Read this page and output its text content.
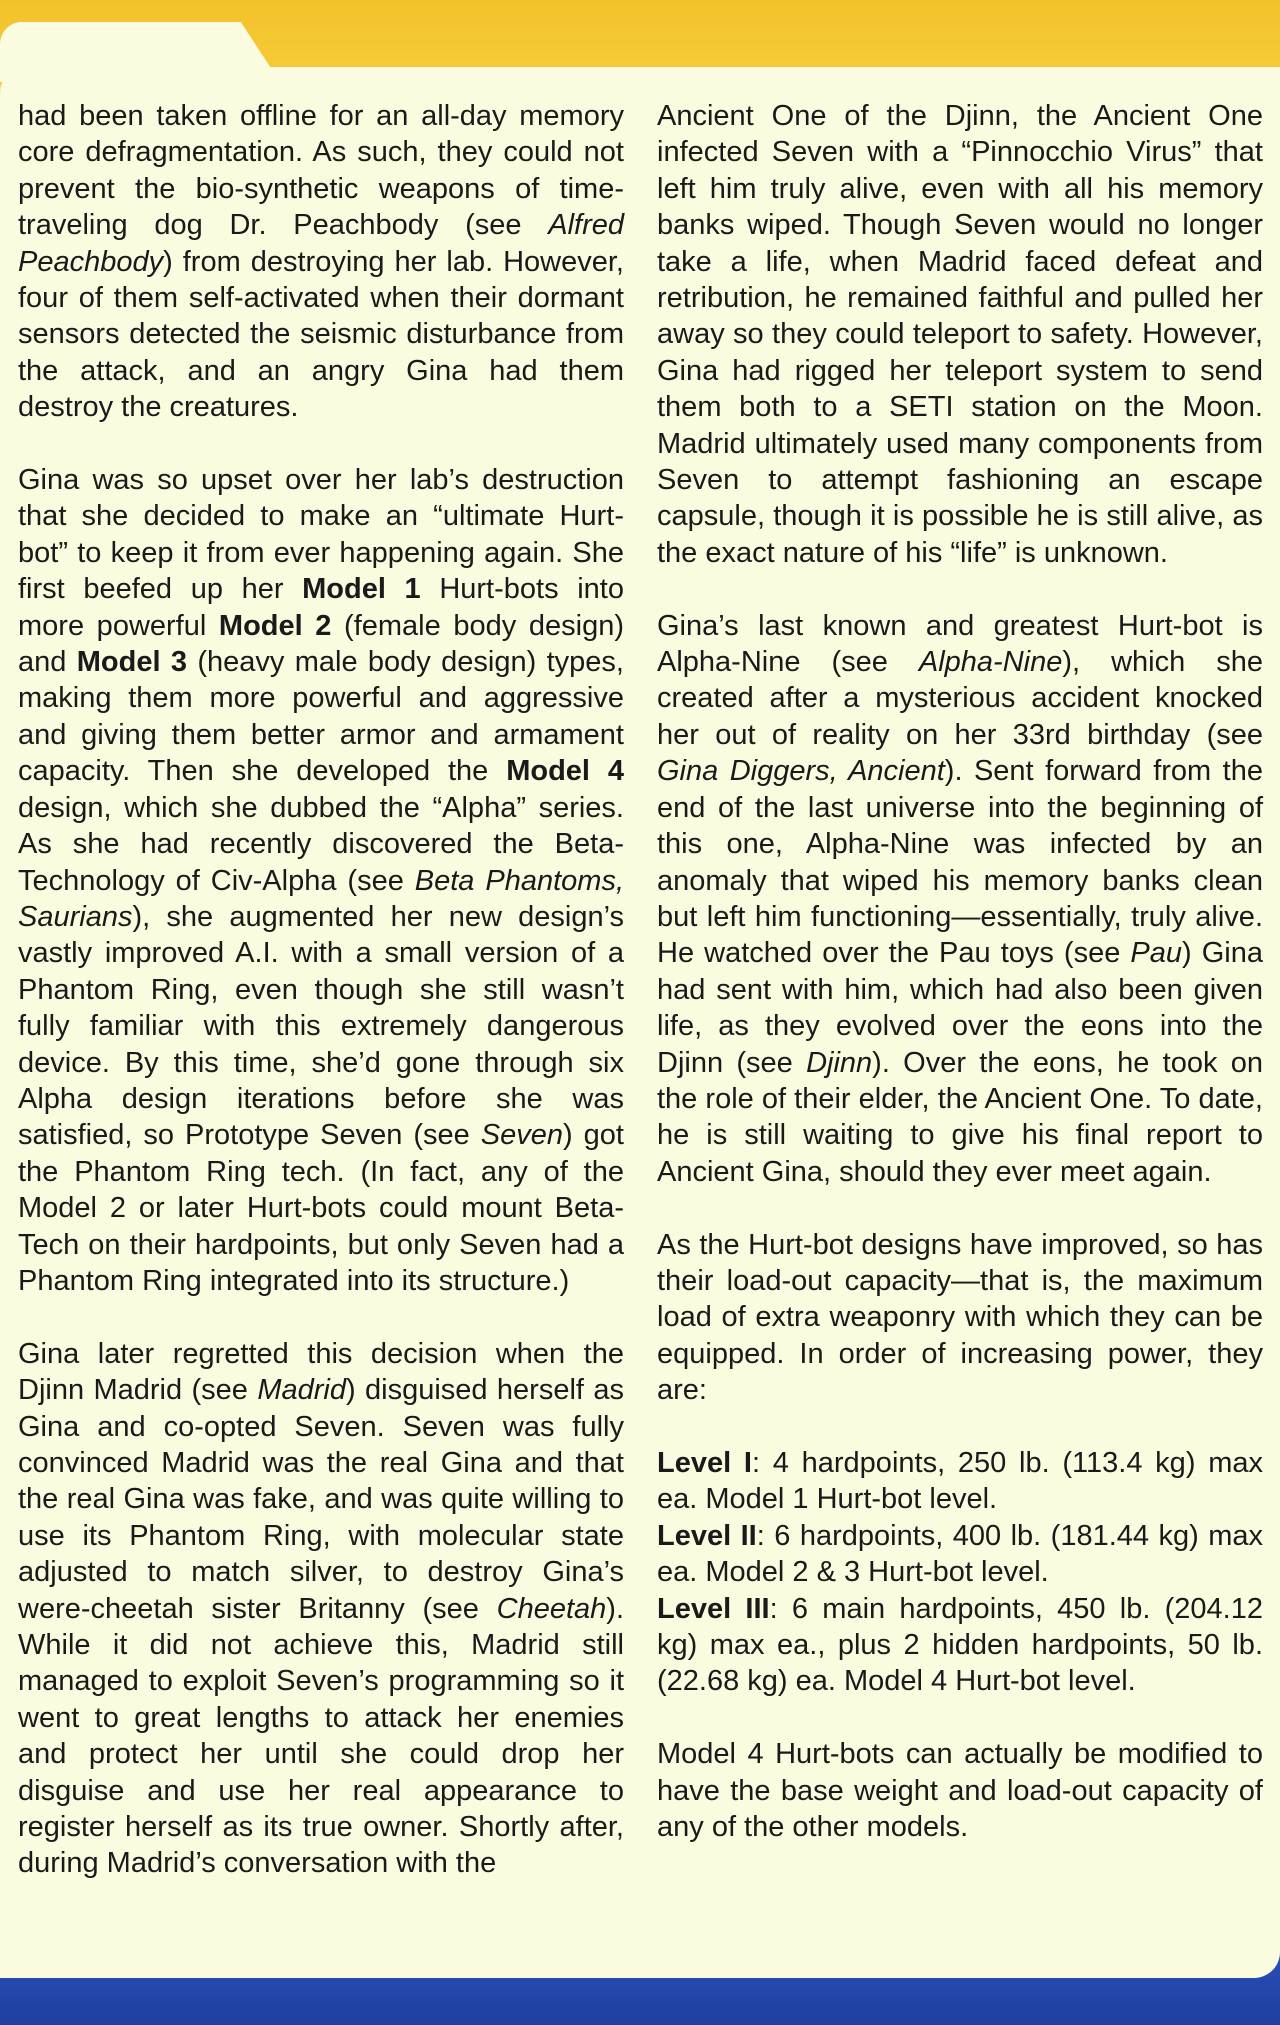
had been taken offline for an all-day memory core defragmentation. As such, they could not prevent the bio-synthetic weapons of time-traveling dog Dr. Peachbody (see Alfred Peachbody) from destroying her lab. However, four of them self-activated when their dormant sensors detected the seismic disturbance from the attack, and an angry Gina had them destroy the creatures.

Gina was so upset over her lab’s destruction that she decided to make an “ultimate Hurt-bot” to keep it from ever happening again. She first beefed up her Model 1 Hurt-bots into more powerful Model 2 (female body design) and Model 3 (heavy male body design) types, making them more powerful and aggressive and giving them better armor and armament capacity. Then she developed the Model 4 design, which she dubbed the “Alpha” series. As she had recently discovered the Beta-Technology of Civ-Alpha (see Beta Phantoms, Saurians), she augmented her new design’s vastly improved A.I. with a small version of a Phantom Ring, even though she still wasn’t fully familiar with this extremely dangerous device. By this time, she’d gone through six Alpha design iterations before she was satisfied, so Prototype Seven (see Seven) got the Phantom Ring tech. (In fact, any of the Model 2 or later Hurt-bots could mount Beta-Tech on their hardpoints, but only Seven had a Phantom Ring integrated into its structure.)

Gina later regretted this decision when the Djinn Madrid (see Madrid) disguised herself as Gina and co-opted Seven. Seven was fully convinced Madrid was the real Gina and that the real Gina was fake, and was quite willing to use its Phantom Ring, with molecular state adjusted to match silver, to destroy Gina’s were-cheetah sister Britanny (see Cheetah). While it did not achieve this, Madrid still managed to exploit Seven’s programming so it went to great lengths to attack her enemies and protect her until she could drop her disguise and use her real appearance to register herself as its true owner. Shortly after, during Madrid’s conversation with the

Ancient One of the Djinn, the Ancient One infected Seven with a “Pinnocchio Virus” that left him truly alive, even with all his memory banks wiped. Though Seven would no longer take a life, when Madrid faced defeat and retribution, he remained faithful and pulled her away so they could teleport to safety. However, Gina had rigged her teleport system to send them both to a SETI station on the Moon. Madrid ultimately used many components from Seven to attempt fashioning an escape capsule, though it is possible he is still alive, as the exact nature of his “life” is unknown.

Gina’s last known and greatest Hurt-bot is Alpha-Nine (see Alpha-Nine), which she created after a mysterious accident knocked her out of reality on her 33rd birthday (see Gina Diggers, Ancient). Sent forward from the end of the last universe into the beginning of this one, Alpha-Nine was infected by an anomaly that wiped his memory banks clean but left him functioning—essentially, truly alive. He watched over the Pau toys (see Pau) Gina had sent with him, which had also been given life, as they evolved over the eons into the Djinn (see Djinn). Over the eons, he took on the role of their elder, the Ancient One. To date, he is still waiting to give his final report to Ancient Gina, should they ever meet again.

As the Hurt-bot designs have improved, so has their load-out capacity—that is, the maximum load of extra weaponry with which they can be equipped. In order of increasing power, they are:

Level I: 4 hardpoints, 250 lb. (113.4 kg) max ea. Model 1 Hurt-bot level.

Level II: 6 hardpoints, 400 lb. (181.44 kg) max ea. Model 2 & 3 Hurt-bot level.

Level III: 6 main hardpoints, 450 lb. (204.12 kg) max ea., plus 2 hidden hardpoints, 50 lb. (22.68 kg) ea. Model 4 Hurt-bot level.

Model 4 Hurt-bots can actually be modified to have the base weight and load-out capacity of any of the other models.
